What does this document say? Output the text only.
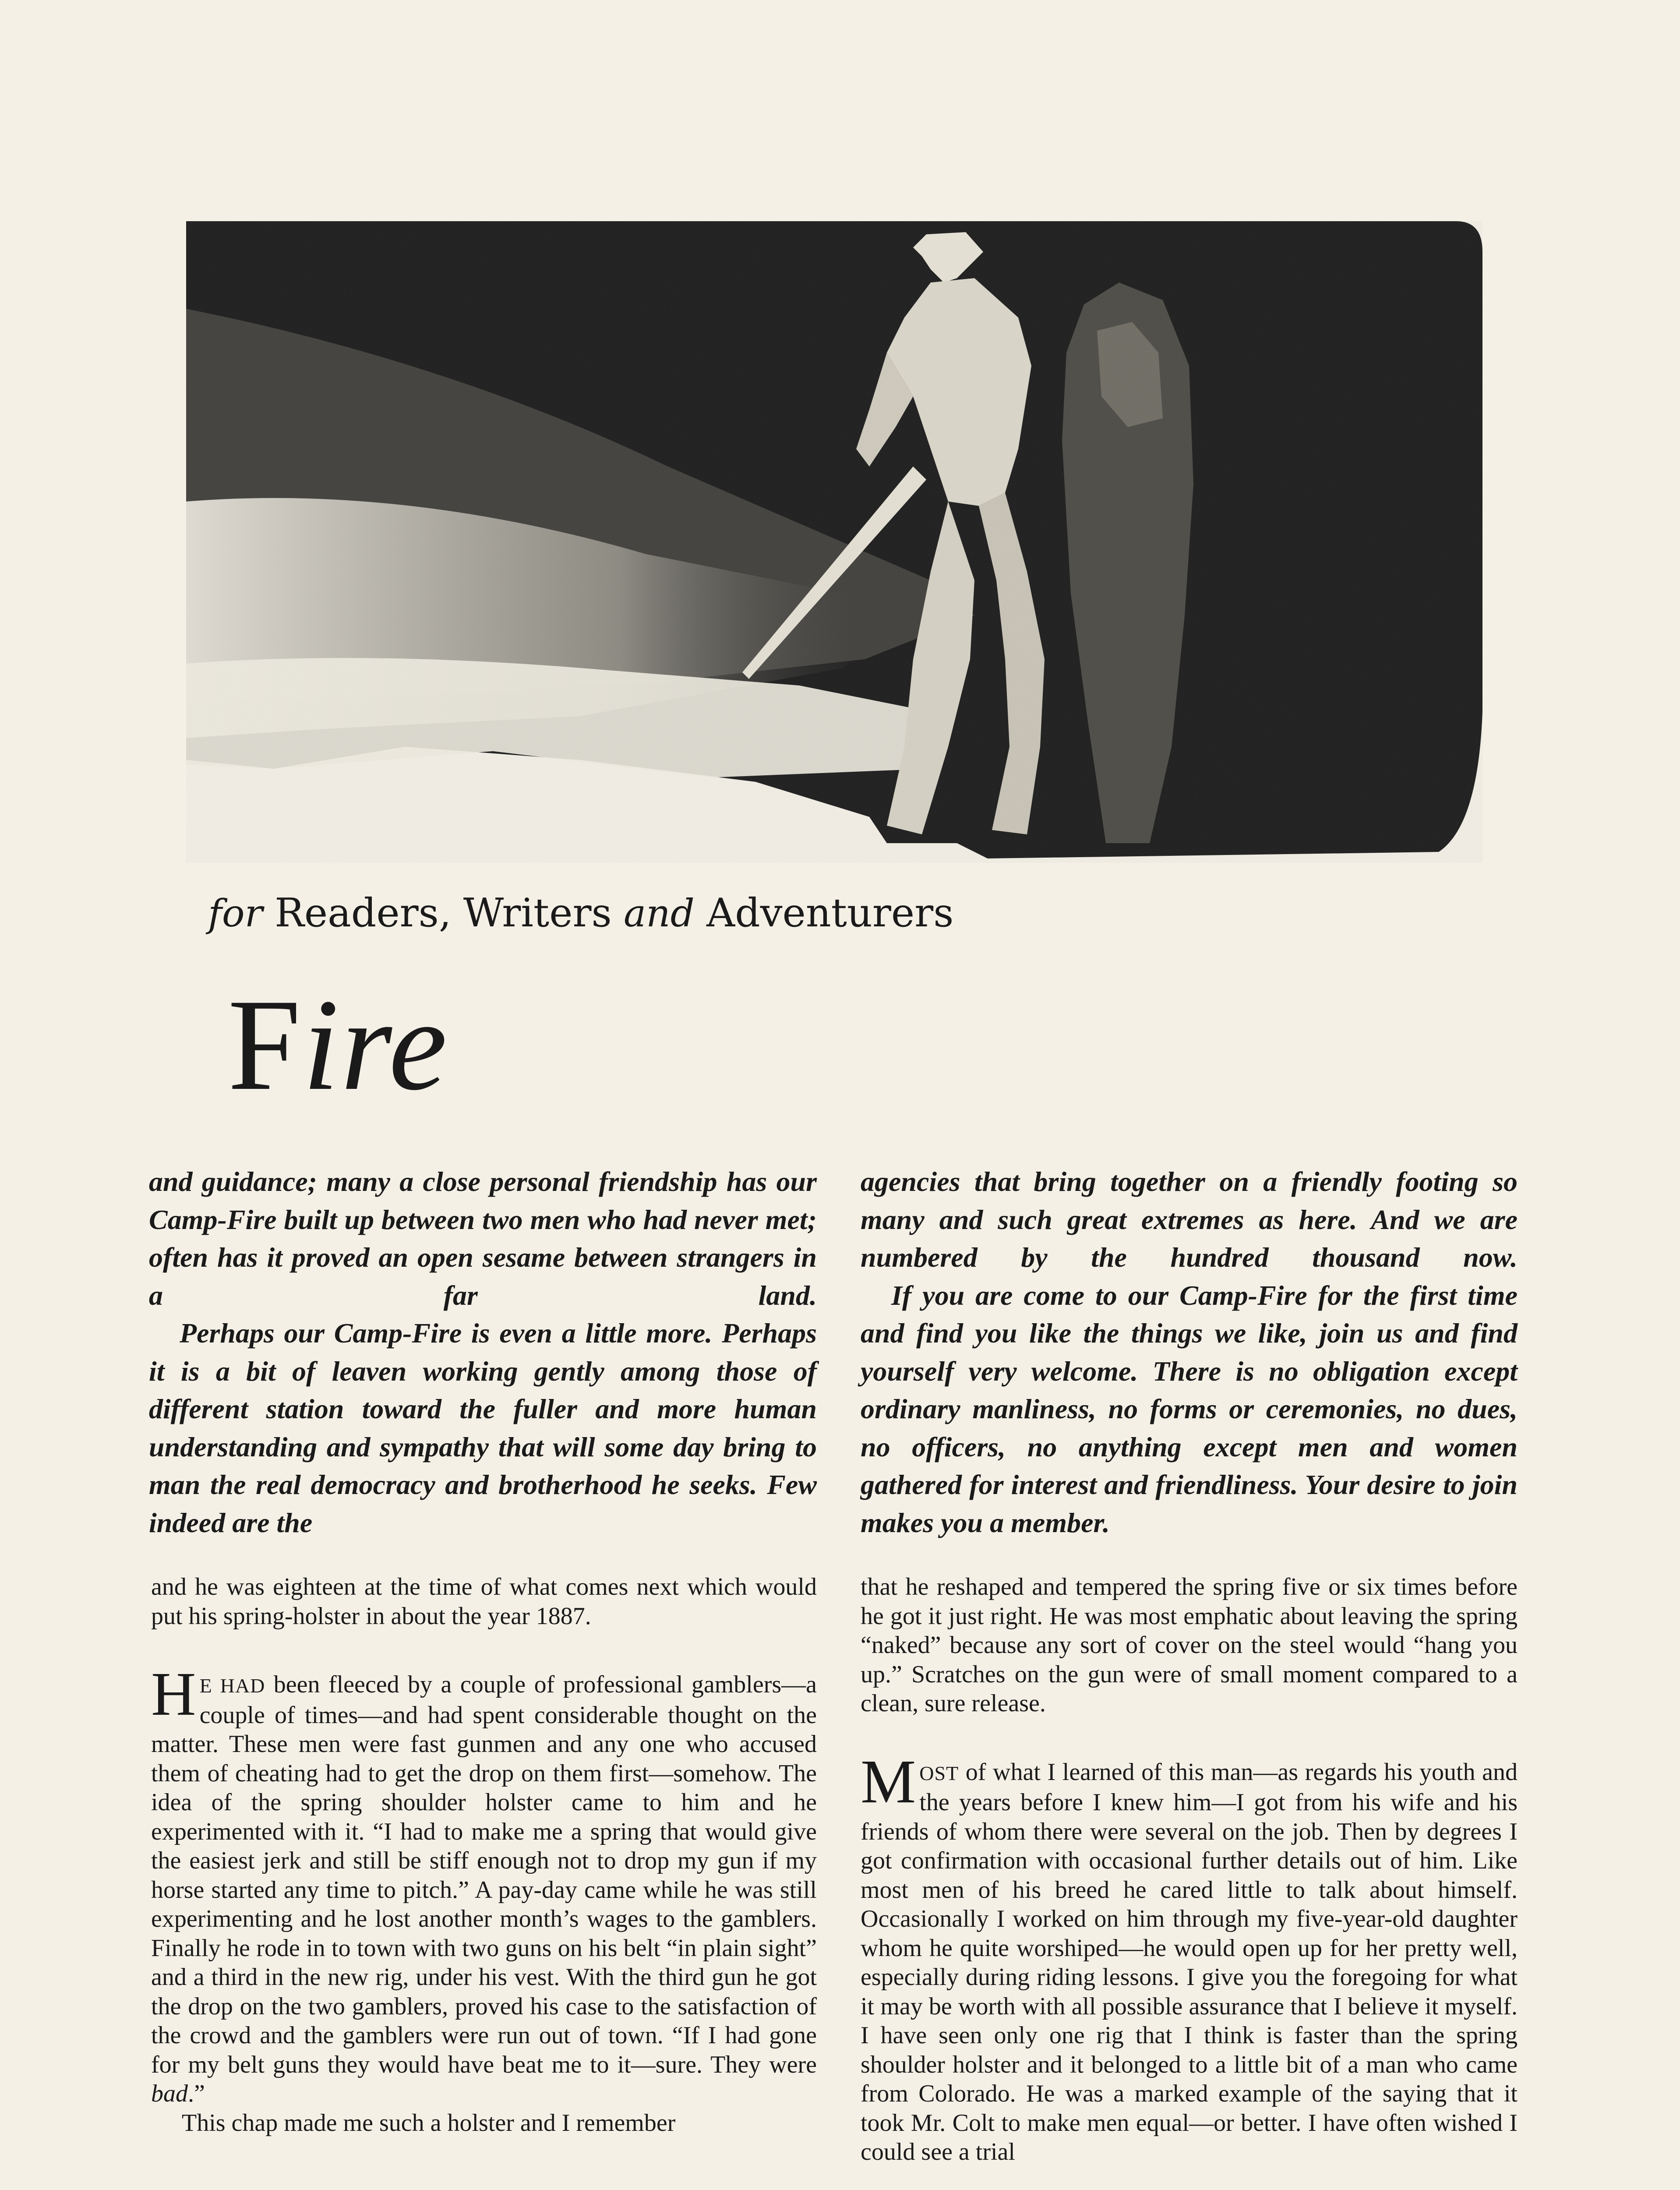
for Readers, Writers and Adventurers
Fire

and guidance; many a close personal friendship has our Camp-Fire built up between two men who had never met; often has it proved an open sesame between strangers in a far land.

Perhaps our Camp-Fire is even a little more. Perhaps it is a bit of leaven working gently among those of different station toward the fuller and more human understanding and sympathy that will some day bring to man the real democracy and brotherhood he seeks. Few indeed are the

agencies that bring together on a friendly footing so many and such great extremes as here. And we are numbered by the hundred thousand now.

If you are come to our Camp-Fire for the first time and find you like the things we like, join us and find yourself very welcome. There is no obligation except ordinary manliness, no forms or ceremonies, no dues, no officers, no anything except men and women gathered for interest and friendliness. Your desire to join makes you a member.

and he was eighteen at the time of what comes next which would put his spring-holster in about the year 1887.

H E HAD been fleeced by a couple of professional gamblers—a couple of times—and had spent considerable thought on the matter. These men were fast gunmen and any one who accused them of cheating had to get the drop on them first—somehow. The idea of the spring shoulder holster came to him and he experimented with it. “I had to make me a spring that would give the easiest jerk and still be stiff enough not to drop my gun if my horse started any time to pitch.” A pay-day came while he was still experimenting and he lost another month’s wages to the gamblers. Finally he rode in to town with two guns on his belt “in plain sight” and a third in the new rig, under his vest. With the third gun he got the drop on the two gamblers, proved his case to the satisfaction of the crowd and the gamblers were run out of town. “If I had gone for my belt guns they would have beat me to it—sure. They were bad.”

This chap made me such a holster and I remember

that he reshaped and tempered the spring five or six times before he got it just right. He was most emphatic about leaving the spring “naked” because any sort of cover on the steel would “hang you up.” Scratches on the gun were of small moment compared to a clean, sure release.

MOST of what I learned of this man—as regards his youth and the years before I knew him—I got from his wife and his friends of whom there were several on the job. Then by degrees I got confirmation with occasional further details out of him. Like most men of his breed he cared little to talk about himself. Occasionally I worked on him through my five-year-old daughter whom he quite worshiped—he would open up for her pretty well, especially during riding lessons. I give you the foregoing for what it may be worth with all possible assurance that I believe it myself. I have seen only one rig that I think is faster than the spring shoulder holster and it belonged to a little bit of a man who came from Colorado. He was a marked example of the saying that it took Mr. Colt to make men equal—or better. I have often wished I could see a trial
